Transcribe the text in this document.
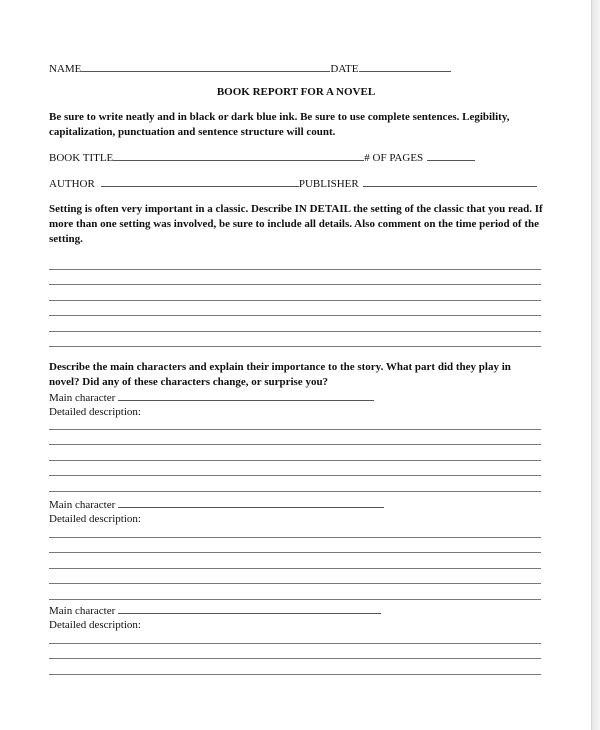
NAME	DATE
BOOK REPORT FOR A NOVEL
Be sure to write neatly and in black or dark blue ink. Be sure to use complete sentences. Legibility, capitalization, punctuation and sentence structure will count.
BOOK TITLE	# OF PAGES
AUTHOR	PUBLISHER
Setting is often very important in a classic. Describe IN DETAIL the setting of the classic that you read. If more than one setting was involved, be sure to include all details. Also comment on the time period of the setting.
Describe the main characters and explain their importance to the story. What part did they play in novel? Did any of these characters change, or surprise you?
Main character
Detailed description:
Main character
Detailed description:
Main character
Detailed description:
